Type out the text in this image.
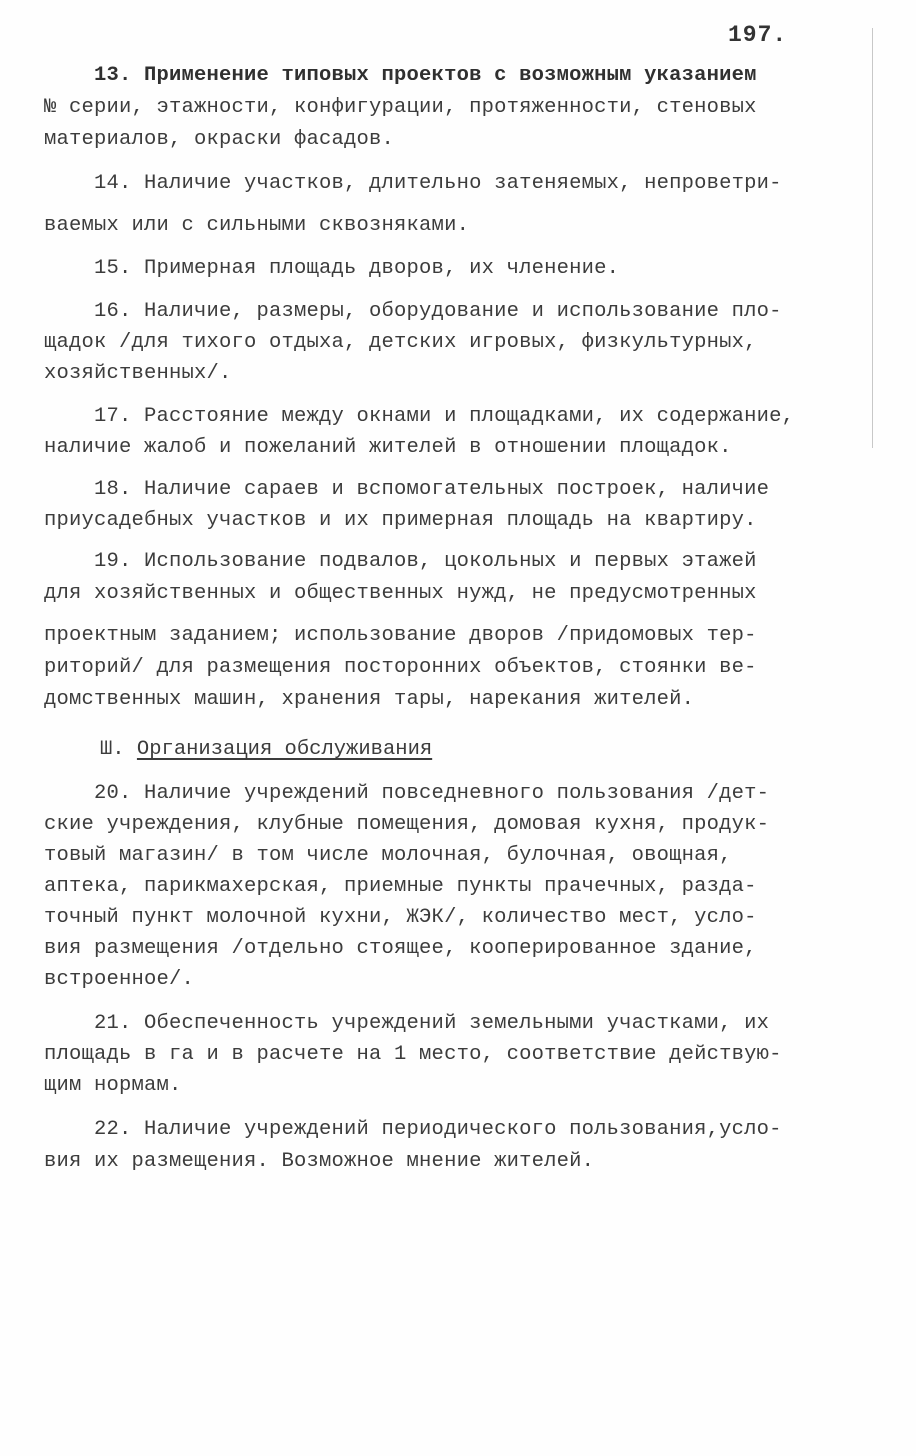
197.
13. Применение типовых проектов с возможным указанием
№ серии, этажности, конфигурации, протяженности, стеновых
материалов, окраски фасадов.
14. Наличие участков, длительно затеняемых, непроветри-
ваемых или с сильными сквозняками.
15. Примерная площадь дворов, их членение.
16. Наличие, размеры, оборудование и использование пло-
щадок /для тихого отдыха, детских игровых, физкультурных,
хозяйственных/.
17. Расстояние между окнами и площадками, их содержание,
наличие жалоб и пожеланий жителей в отношении площадок.
18. Наличие сараев и вспомогательных построек, наличие
приусадебных участков и их примерная площадь на квартиру.
19. Использование подвалов, цокольных и первых этажей
для хозяйственных и общественных нужд, не предусмотренных
проектным заданием; использование дворов /придомовых тер-
риторий/ для размещения посторонних объектов, стоянки ве-
домственных машин, хранения тары, нарекания жителей.
Ш. Организация обслуживания
20. Наличие учреждений повседневного пользования /дет-
ские учреждения, клубные помещения, домовая кухня, продук-
товый магазин/ в том числе молочная, булочная, овощная,
аптека, парикмахерская, приемные пункты прачечных, разда-
точный пункт молочной кухни, ЖЭК/, количество мест, усло-
вия размещения /отдельно стоящее, кооперированное здание,
встроенное/.
21. Обеспеченность учреждений земельными участками, их
площадь в га и в расчете на 1 место, соответствие действую-
щим нормам.
22. Наличие учреждений периодического пользования,усло-
вия их размещения. Возможное мнение жителей.
